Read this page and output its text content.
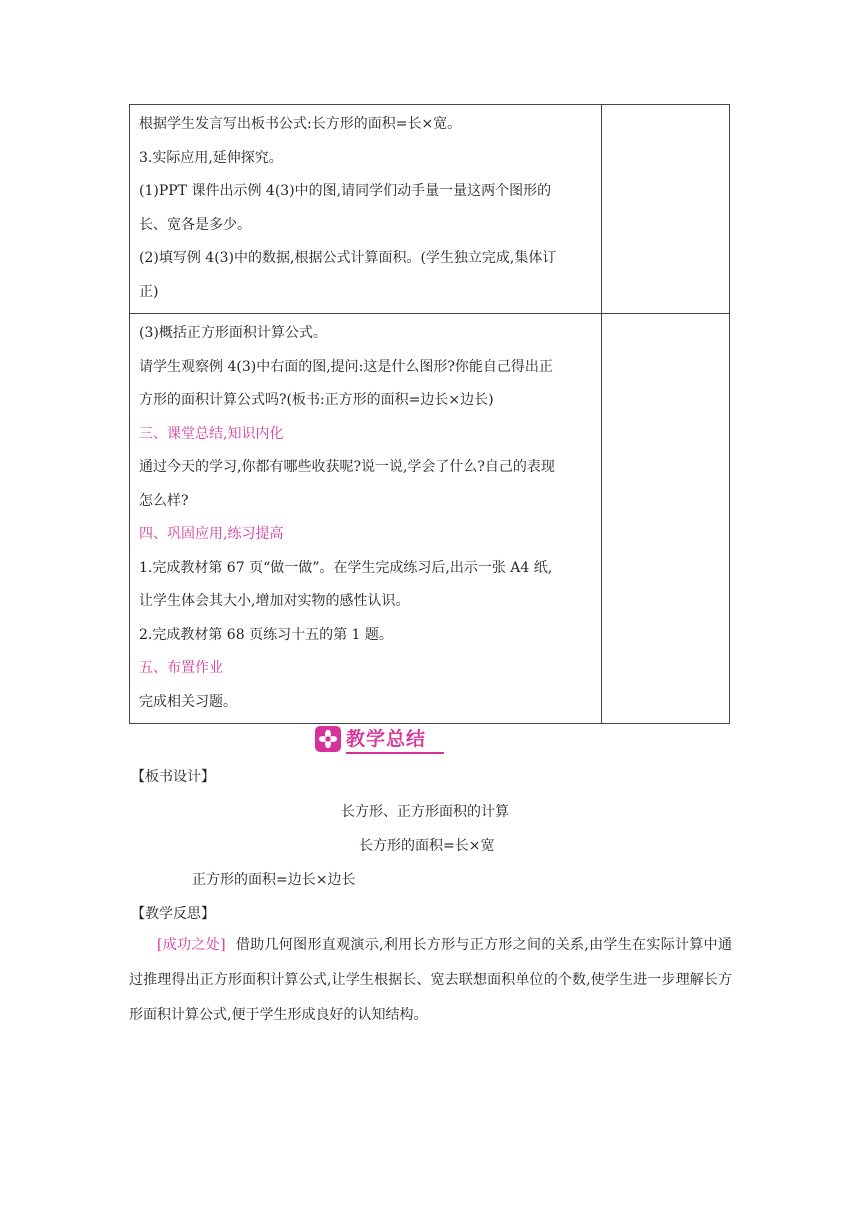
根据学生发言写出板书公式:长方形的面积=长×宽。
3.实际应用,延伸探究。
(1)PPT 课件出示例 4(3)中的图,请同学们动手量一量这两个图形的
长、宽各是多少。
(2)填写例 4(3)中的数据,根据公式计算面积。(学生独立完成,集体订
正)
(3)概括正方形面积计算公式。
请学生观察例 4(3)中右面的图,提问:这是什么图形?你能自己得出正
方形的面积计算公式吗?(板书:正方形的面积=边长×边长)
三、课堂总结,知识内化
通过今天的学习,你都有哪些收获呢?说一说,学会了什么?自己的表现
怎么样?
四、巩固应用,练习提高
1.完成教材第 67 页“做一做”。在学生完成练习后,出示一张 A4 纸,
让学生体会其大小,增加对实物的感性认识。
2.完成教材第 68 页练习十五的第 1 题。
五、布置作业
完成相关习题。
教学总结
【板书设计】
长方形、正方形面积的计算
长方形的面积=长×宽
正方形的面积=边长×边长
【教学反思】
[成功之处] 借助几何图形直观演示,利用长方形与正方形之间的关系,由学生在实际计算中通过推理得出正方形面积计算公式,让学生根据长、宽去联想面积单位的个数,使学生进一步理解长方形面积计算公式,便于学生形成良好的认知结构。
